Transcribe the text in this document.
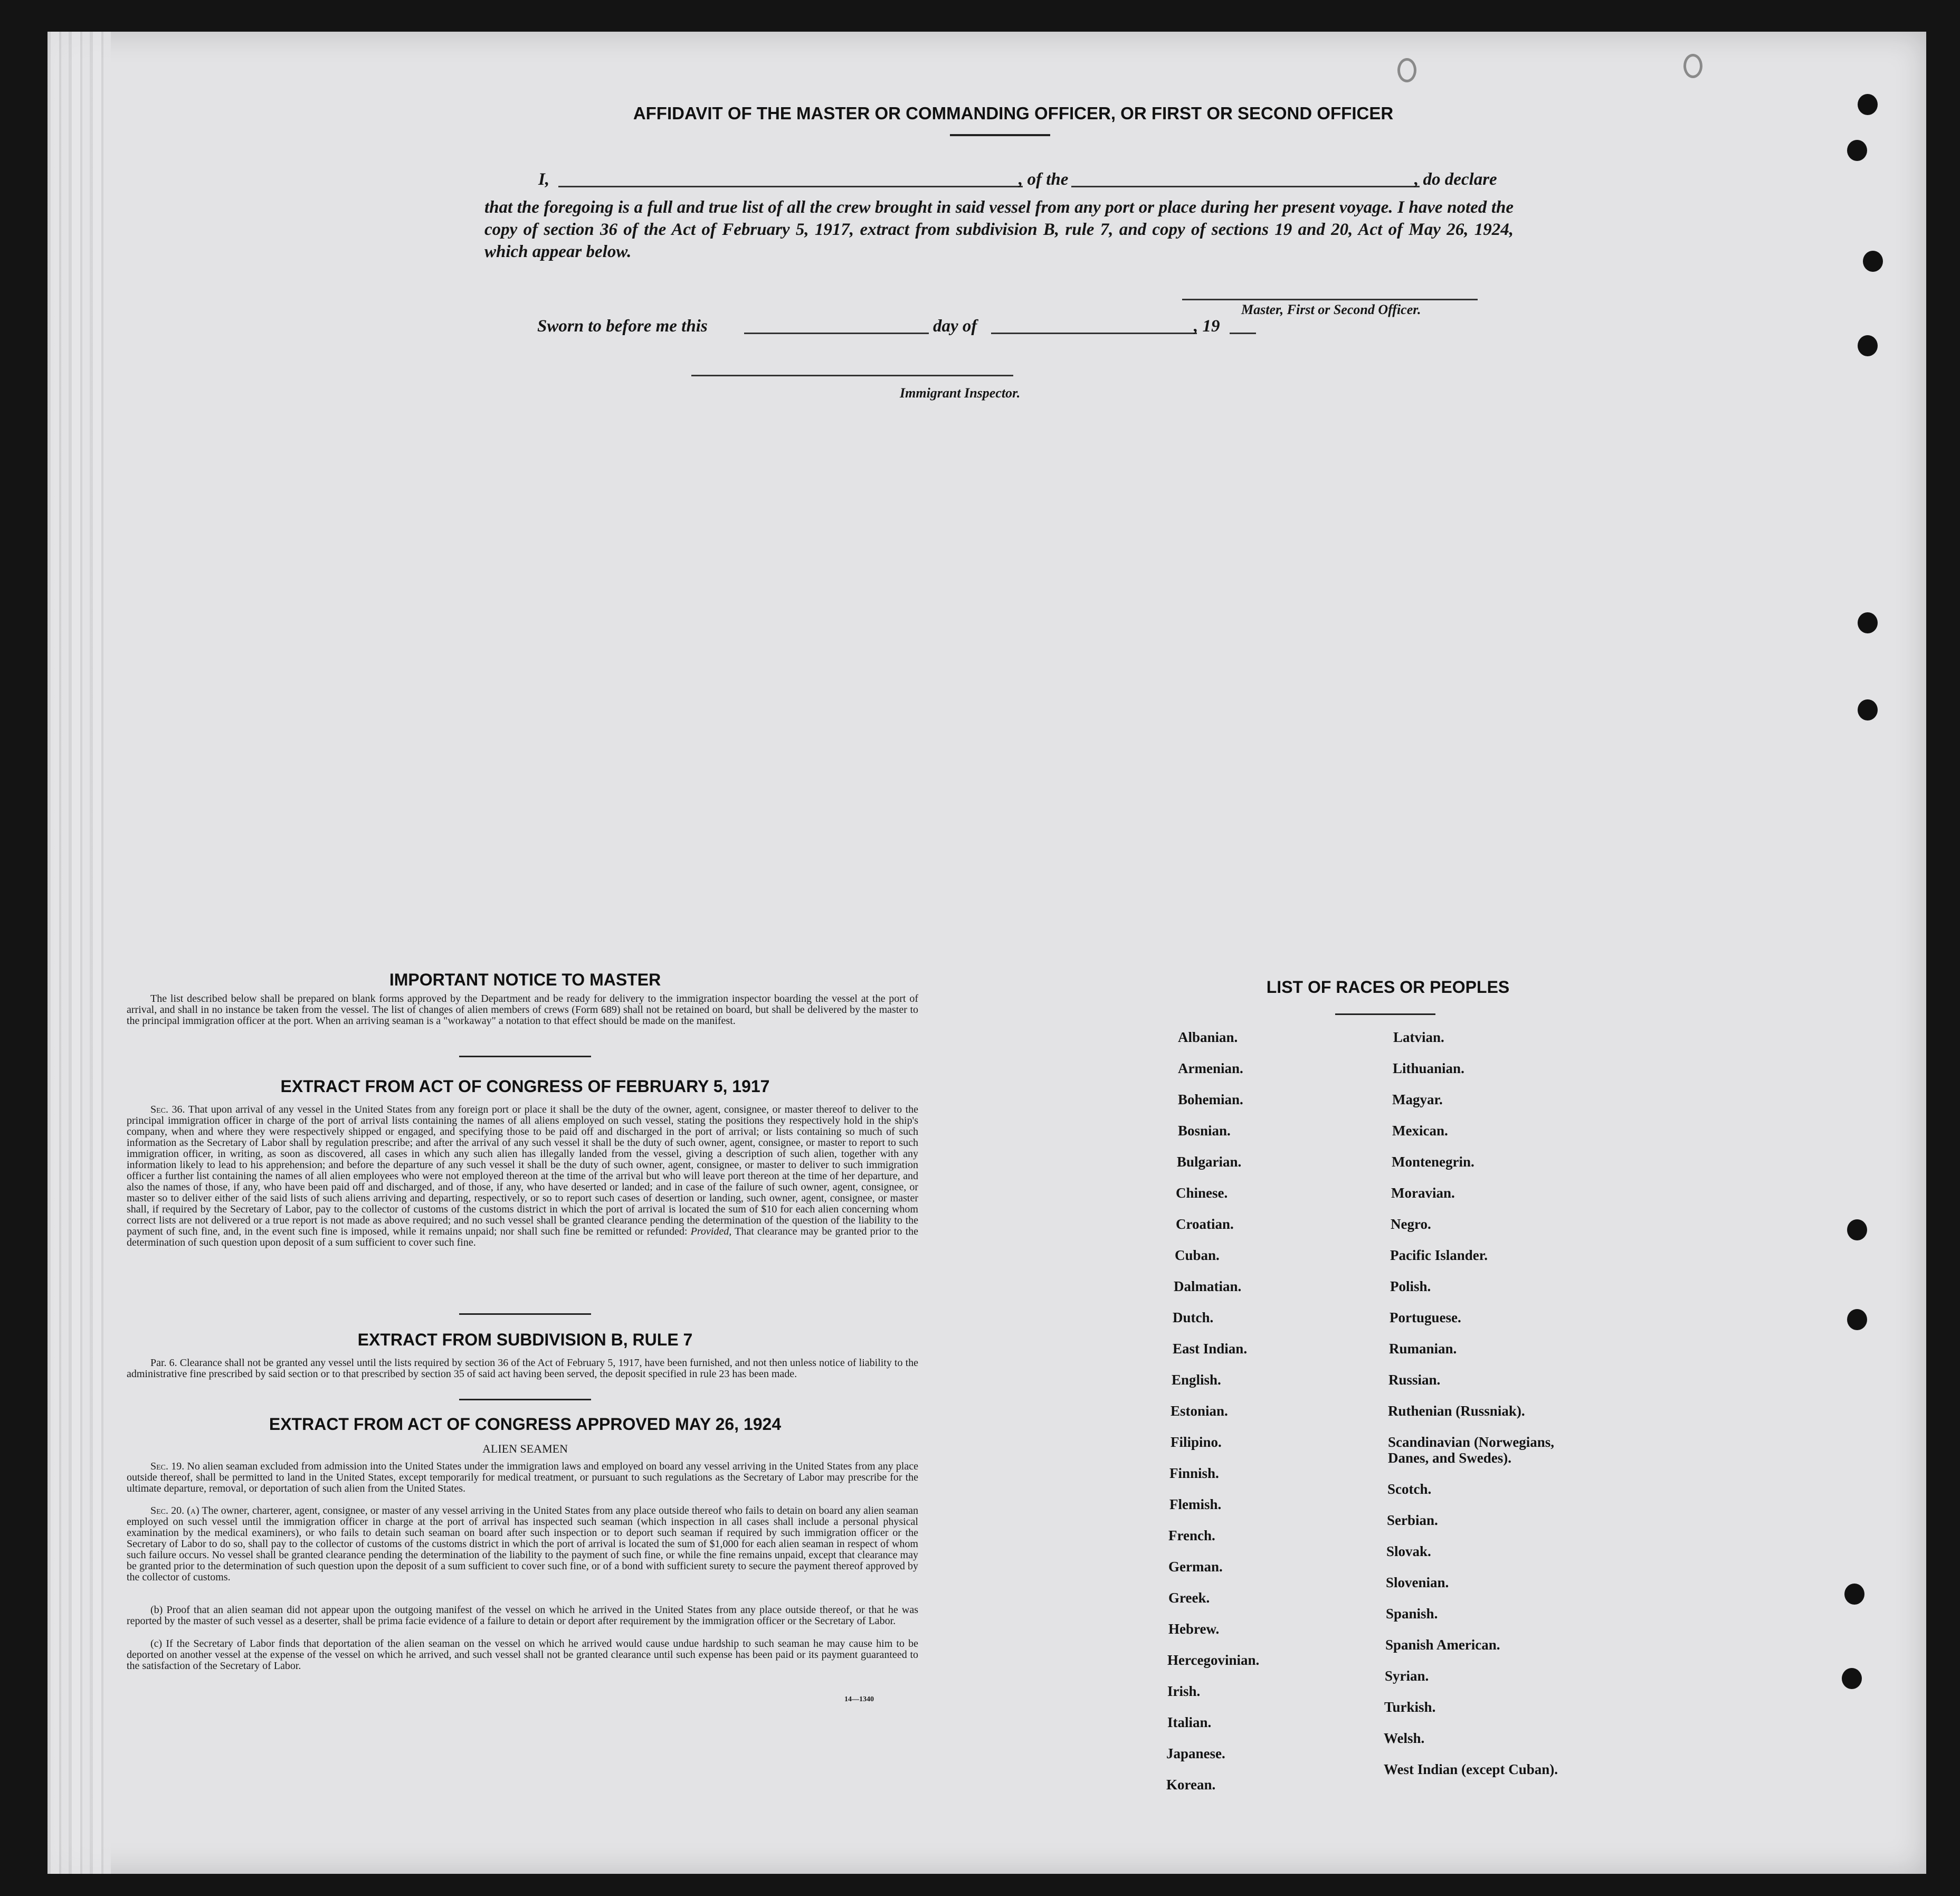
AFFIDAVIT OF THE MASTER OR COMMANDING OFFICER, OR FIRST OR SECOND OFFICER
I,	, of the	, do declare
that the foregoing is a full and true list of all the crew brought in said vessel from any port or place during her present voyage. I have noted the copy of section 36 of the Act of February 5, 1917, extract from subdivision B, rule 7, and copy of sections 19 and 20, Act of May 26, 1924, which appear below.
Master, First or Second Officer.
Sworn to before me this	day of	, 19
Immigrant Inspector.
IMPORTANT NOTICE TO MASTER
The list described below shall be prepared on blank forms approved by the Department and be ready for delivery to the immigration inspector boarding the vessel at the port of arrival, and shall in no instance be taken from the vessel. The list of changes of alien members of crews (Form 689) shall not be retained on board, but shall be delivered by the master to the principal immigration officer at the port. When an arriving seaman is a "workaway" a notation to that effect should be made on the manifest.
EXTRACT FROM ACT OF CONGRESS OF FEBRUARY 5, 1917
Sec. 36. That upon arrival of any vessel in the United States from any foreign port or place it shall be the duty of the owner, agent, consignee, or master thereof to deliver to the principal immigration officer in charge of the port of arrival lists containing the names of all aliens employed on such vessel, stating the positions they respectively hold in the ship's company, when and where they were respectively shipped or engaged, and specifying those to be paid off and discharged in the port of arrival; or lists containing so much of such information as the Secretary of Labor shall by regulation prescribe; and after the arrival of any such vessel it shall be the duty of such owner, agent, consignee, or master to report to such immigration officer, in writing, as soon as discovered, all cases in which any such alien has illegally landed from the vessel, giving a description of such alien, together with any information likely to lead to his apprehension; and before the departure of any such vessel it shall be the duty of such owner, agent, consignee, or master to deliver to such immigration officer a further list containing the names of all alien employees who were not employed thereon at the time of the arrival but who will leave port thereon at the time of her departure, and also the names of those, if any, who have been paid off and discharged, and of those, if any, who have deserted or landed; and in case of the failure of such owner, agent, consignee, or master so to deliver either of the said lists of such aliens arriving and departing, respectively, or so to report such cases of desertion or landing, such owner, agent, consignee, or master shall, if required by the Secretary of Labor, pay to the collector of customs of the customs district in which the port of arrival is located the sum of $10 for each alien concerning whom correct lists are not delivered or a true report is not made as above required; and no such vessel shall be granted clearance pending the determination of the question of the liability to the payment of such fine, and, in the event such fine is imposed, while it remains unpaid; nor shall such fine be remitted or refunded: Provided, That clearance may be granted prior to the determination of such question upon deposit of a sum sufficient to cover such fine.
EXTRACT FROM SUBDIVISION B, RULE 7
Par. 6. Clearance shall not be granted any vessel until the lists required by section 36 of the Act of February 5, 1917, have been furnished, and not then unless notice of liability to the administrative fine prescribed by said section or to that prescribed by section 35 of said act having been served, the deposit specified in rule 23 has been made.
EXTRACT FROM ACT OF CONGRESS APPROVED MAY 26, 1924
ALIEN SEAMEN
Sec. 19. No alien seaman excluded from admission into the United States under the immigration laws and employed on board any vessel arriving in the United States from any place outside thereof, shall be permitted to land in the United States, except temporarily for medical treatment, or pursuant to such regulations as the Secretary of Labor may prescribe for the ultimate departure, removal, or deportation of such alien from the United States.
Sec. 20. (a) The owner, charterer, agent, consignee, or master of any vessel arriving in the United States from any place outside thereof who fails to detain on board any alien seaman employed on such vessel until the immigration officer in charge at the port of arrival has inspected such seaman (which inspection in all cases shall include a personal physical examination by the medical examiners), or who fails to detain such seaman on board after such inspection or to deport such seaman if required by such immigration officer or the Secretary of Labor to do so, shall pay to the collector of customs of the customs district in which the port of arrival is located the sum of $1,000 for each alien seaman in respect of whom such failure occurs. No vessel shall be granted clearance pending the determination of the liability to the payment of such fine, or while the fine remains unpaid, except that clearance may be granted prior to the determination of such question upon the deposit of a sum sufficient to cover such fine, or of a bond with sufficient surety to secure the payment thereof approved by the collector of customs.
(b) Proof that an alien seaman did not appear upon the outgoing manifest of the vessel on which he arrived in the United States from any place outside thereof, or that he was reported by the master of such vessel as a deserter, shall be prima facie evidence of a failure to detain or deport after requirement by the immigration officer or the Secretary of Labor.
(c) If the Secretary of Labor finds that deportation of the alien seaman on the vessel on which he arrived would cause undue hardship to such seaman he may cause him to be deported on another vessel at the expense of the vessel on which he arrived, and such vessel shall not be granted clearance until such expense has been paid or its payment guaranteed to the satisfaction of the Secretary of Labor.
14—1340
LIST OF RACES OR PEOPLES
Albanian.
Armenian.
Bohemian.
Bosnian.
Bulgarian.
Chinese.
Croatian.
Cuban.
Dalmatian.
Dutch.
East Indian.
English.
Estonian.
Filipino.
Finnish.
Flemish.
French.
German.
Greek.
Hebrew.
Hercegovinian.
Irish.
Italian.
Japanese.
Korean.
Latvian.
Lithuanian.
Magyar.
Mexican.
Montenegrin.
Moravian.
Negro.
Pacific Islander.
Polish.
Portuguese.
Rumanian.
Russian.
Ruthenian (Russniak).
Scandinavian (Norwegians, Danes, and Swedes).
Scotch.
Serbian.
Slovak.
Slovenian.
Spanish.
Spanish American.
Syrian.
Turkish.
Welsh.
West Indian (except Cuban).
